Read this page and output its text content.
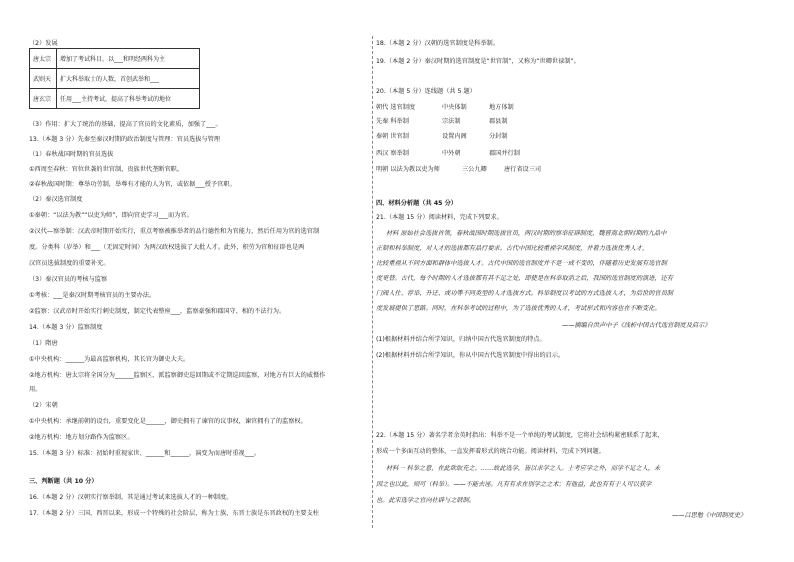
（2）发展
唐太宗	增加了考试科目，以___和明经两科为主
武则天	扩大科举取士的人数，首创武举和___
唐玄宗	任用___主持考试，提高了科举考试的地位
（3）作用：扩大了统治的基础，提高了官员的文化素质，加强了___。
13.（本题 3 分）先秦至秦汉时期的政治制度与管理：官员选拔与管理
（1）春秋战国时期的官员选拔
①西周至春秋：官位世袭的世官制，贵族世代垄断官职。
②春秋战国时期：尊举功劳制，举尊有才能的人为官，或依据___授予官职。
（2）秦汉选官制度
①秦朝：“以法为教”“以吏为师”，即向官吏学习___而为官。
②汉代—察举制：汉武帝时期开始实行，重点考察被推举者的品行德性和为官能力，然后任用为官的选官制
度。分类科（岁举）和___（无固定时间）为两汉政权选拔了大批人才。此外，积劳为官和征辟也是两
汉官员选拔制度的重要补充。
（3）秦汉官员的考核与监察
①考核：___是秦汉时期考核官员的主要办法。
②监察：汉武帝时开始实行刺史制度，制定代表整座___，监察豪强和郡国守、相的不法行为。
14.（本题 3 分）监察制度
（1）隋唐
①中央机构：______为最高监察机构，其长官为御史大夫。
②地方机构：唐太宗将全国分为______监察区，派监察御史巡回期或不定期巡回监察，对地方有巨大的威慑作
用。
（2）宋朝
①中央机构：承继前朝的设台，重要变化是______，御史拥有了谏官的议事权，谏官拥有了的监察权。
②地方机构：地方划分路作为监察区。
15.（本题 3 分）标准：初始时重视家世、______和______，演变为而唐时重视___。
三、判断题（共 10 分）
16.（本题 2 分）汉朝实行察举制，其是通过考试来选拔人才的一种制度。
17.（本题 2 分）三国、西晋以来，形成一个特殊的社会阶层，称为士族，东晋士族是东晋政权的主要支柱
18.（本题 2 分）汉朝的选官制度是科举制。
19.（本题 2 分）秦汉时期的选官制度是“世官制”，又称为“世卿世禄制”。
20.（本题 5 分）连线题（共 5 题）
朝代 选官制度	中央体制	地方体制
先秦 科举制	宗法制	郡县制
秦朝 世官制	设置内阁	分封制
西汉 察举制	中外朝	郡国并行制
明朝 以法为教以吏为师	三公九卿	唐行省设三司
四、材料分析题（共 45 分）
21.（本题 15 分）阅读材料，完成下列要求。
材料 原始社会选拔首领，春秋战国时期选拔官员，两汉时期的察举征辟制度，魏晋南北朝时期的九品中
正制和科举制度，对人才的选拔都有品行要求。古代中国比较重视学风制度，并着力选拔优秀人才，
比较重视从不同方面和群体中选拔人才。古代中国的选官制度并不是一成不变的，伴随着历史发展有选官制
度更替。古代，每个时期的人才选拔都有其不足之处，即使是在科举取消之后，我国的选官制度的演进，还有
门阀人仕、荐举、升迁、或功等不同类型的人才选拔方式。科举制度以考试的方式选拔人才，为后世的官员制
度发展提供了思路。同时，在科举考试的过程中，为了选拔优秀的人才，考试形式和内容也在不断变化。
——摘编自洪声中子《浅析中国古代选官制度及启示》
(1)根据材料并结合所学知识，归纳中国古代选官制度的特点。
(2)根据材料并结合所学知识，你从中国古代选官制度中得出的启示。
22.（本题 15 分）著名学者余英时指出：科举不是一个单纯的考试制度，它将社会结构紧密联系了起来，
形成一个多面互动的整体，一直发挥着形式的统合功能。阅读材料，完成下列问题。
材料一 科举之意，在此欲取充之。……故此选学，皆以求学之人。士考应学之外，而学不足之人，未
因之也以此，则可（科举）。——不能去诬。凡有有求在别学之之术；有他益，此也有有于人可以获学
也。此宋选学之官向社辟与之联制。
——吕思勉《中国制度史》
